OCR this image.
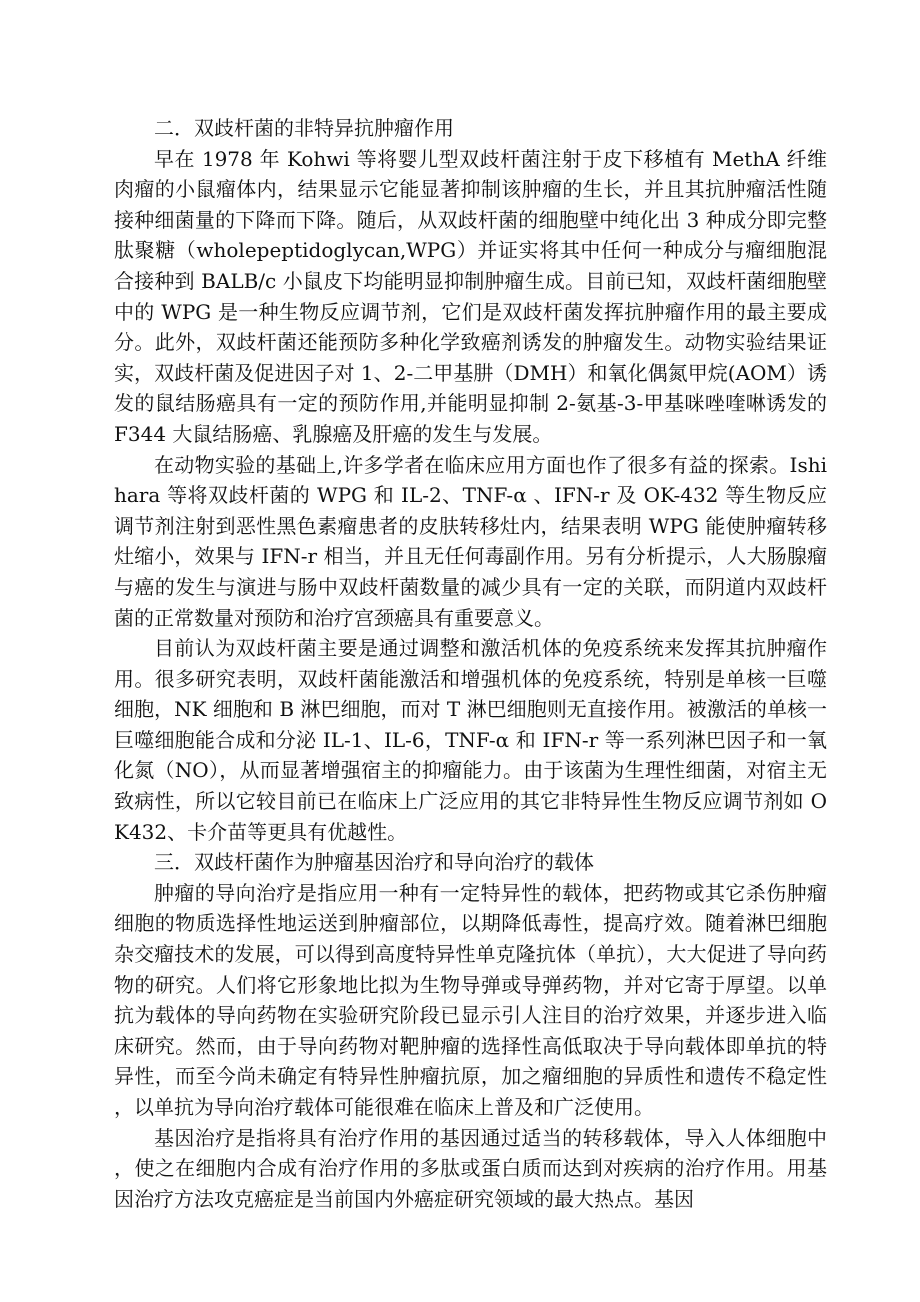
二．双歧杆菌的非特异抗肿瘤作用

早在 1978 年 Kohwi 等将婴儿型双歧杆菌注射于皮下移植有 MethA 纤维肉瘤的小鼠瘤体内，结果显示它能显著抑制该肿瘤的生长，并且其抗肿瘤活性随接种细菌量的下降而下降。随后，从双歧杆菌的细胞壁中纯化出 3 种成分即完整肽聚糖（wholepeptidoglycan,WPG）并证实将其中任何一种成分与瘤细胞混合接种到 BALB/c 小鼠皮下均能明显抑制肿瘤生成。目前已知，双歧杆菌细胞壁中的 WPG 是一种生物反应调节剂，它们是双歧杆菌发挥抗肿瘤作用的最主要成分。此外，双歧杆菌还能预防多种化学致癌剂诱发的肿瘤发生。动物实验结果证实，双歧杆菌及促进因子对 1、2-二甲基肼（DMH）和氧化偶氮甲烷(AOM）诱发的鼠结肠癌具有一定的预防作用,并能明显抑制 2-氨基-3-甲基咪唑喹啉诱发的 F344 大鼠结肠癌、乳腺癌及肝癌的发生与发展。

在动物实验的基础上,许多学者在临床应用方面也作了很多有益的探索。Ishihara 等将双歧杆菌的 WPG 和 IL-2、TNF-α 、IFN-r 及 OK-432 等生物反应调节剂注射到恶性黑色素瘤患者的皮肤转移灶内，结果表明 WPG 能使肿瘤转移灶缩小，效果与 IFN-r 相当，并且无任何毒副作用。另有分析提示，人大肠腺瘤与癌的发生与演进与肠中双歧杆菌数量的减少具有一定的关联，而阴道内双歧杆菌的正常数量对预防和治疗宫颈癌具有重要意义。

目前认为双歧杆菌主要是通过调整和激活机体的免疫系统来发挥其抗肿瘤作用。很多研究表明，双歧杆菌能激活和增强机体的免疫系统，特别是单核一巨噬细胞，NK 细胞和 B 淋巴细胞，而对 T 淋巴细胞则无直接作用。被激活的单核一巨噬细胞能合成和分泌 IL-1、IL-6，TNF-α 和 IFN-r 等一系列淋巴因子和一氧化氮（NO），从而显著增强宿主的抑瘤能力。由于该菌为生理性细菌，对宿主无致病性，所以它较目前已在临床上广泛应用的其它非特异性生物反应调节剂如 OK432、卡介苗等更具有优越性。

三．双歧杆菌作为肿瘤基因治疗和导向治疗的载体

肿瘤的导向治疗是指应用一种有一定特异性的载体，把药物或其它杀伤肿瘤细胞的物质选择性地运送到肿瘤部位，以期降低毒性，提高疗效。随着淋巴细胞杂交瘤技术的发展，可以得到高度特异性单克隆抗体（单抗），大大促进了导向药物的研究。人们将它形象地比拟为生物导弹或导弹药物，并对它寄于厚望。以单抗为载体的导向药物在实验研究阶段已显示引人注目的治疗效果，并逐步进入临床研究。然而，由于导向药物对靶肿瘤的选择性高低取决于导向载体即单抗的特异性，而至今尚未确定有特异性肿瘤抗原，加之瘤细胞的异质性和遗传不稳定性，以单抗为导向治疗载体可能很难在临床上普及和广泛使用。

基因治疗是指将具有治疗作用的基因通过适当的转移载体，导入人体细胞中，使之在细胞内合成有治疗作用的多肽或蛋白质而达到对疾病的治疗作用。用基因治疗方法攻克癌症是当前国内外癌症研究领域的最大热点。基因
